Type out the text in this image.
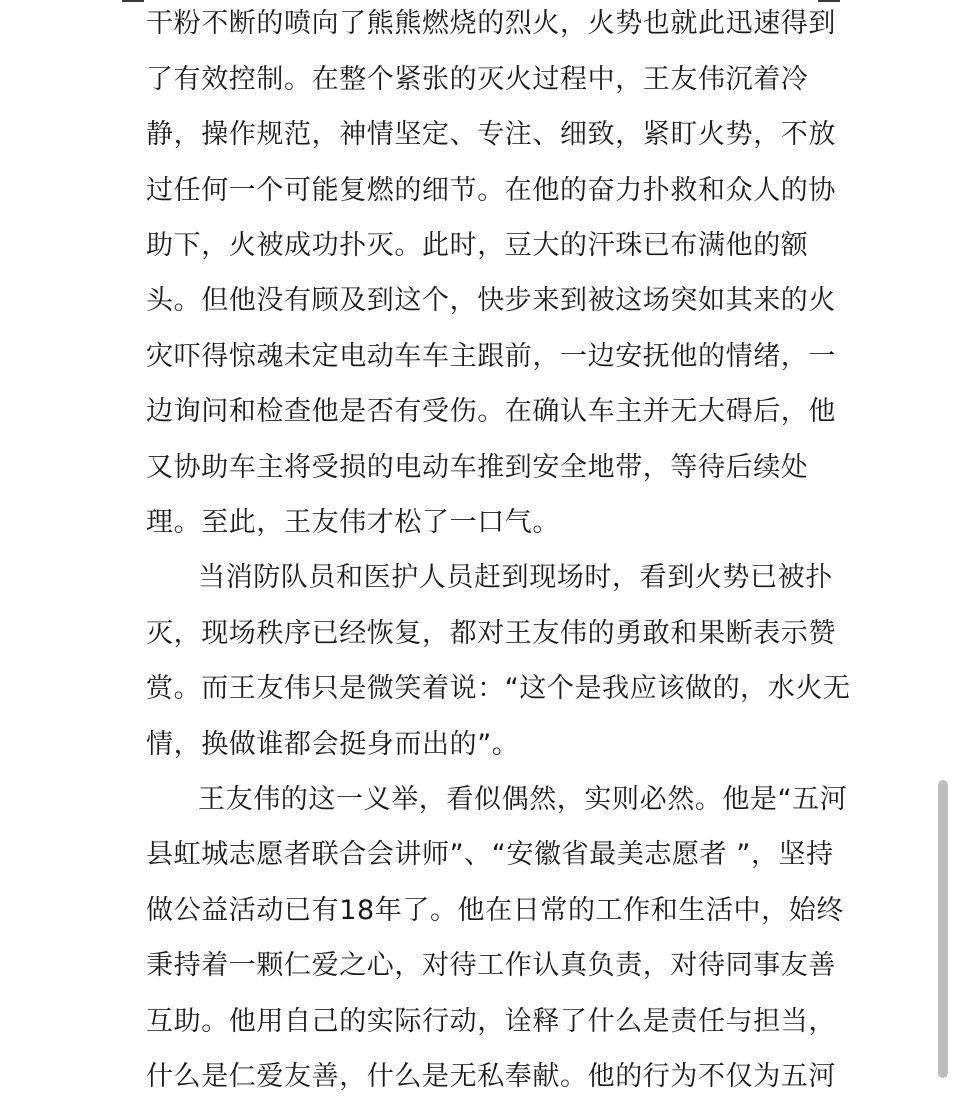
干粉不断的喷向了熊熊燃烧的烈火，火势也就此迅速得到
了有效控制。在整个紧张的灭火过程中，王友伟沉着冷
静，操作规范，神情坚定、专注、细致，紧盯火势，不放
过任何一个可能复燃的细节。在他的奋力扑救和众人的协
助下，火被成功扑灭。此时，豆大的汗珠已布满他的额
头。但他没有顾及到这个，快步来到被这场突如其来的火
灾吓得惊魂未定电动车车主跟前，一边安抚他的情绪，一
边询问和检查他是否有受伤。在确认车主并无大碍后，他
又协助车主将受损的电动车推到安全地带，等待后续处
理。至此，王友伟才松了一口气。
当消防队员和医护人员赶到现场时，看到火势已被扑
灭，现场秩序已经恢复，都对王友伟的勇敢和果断表示赞
赏。而王友伟只是微笑着说：“这个是我应该做的，水火无
情，换做谁都会挺身而出的”。
王友伟的这一义举，看似偶然，实则必然。他是“五河
县虹城志愿者联合会讲师”、“安徽省最美志愿者 ”，坚持
做公益活动已有18年了。他在日常的工作和生活中，始终
秉持着一颗仁爱之心，对待工作认真负责，对待同事友善
互助。他用自己的实际行动，诠释了什么是责任与担当，
什么是仁爱友善，什么是无私奉献。他的行为不仅为五河
